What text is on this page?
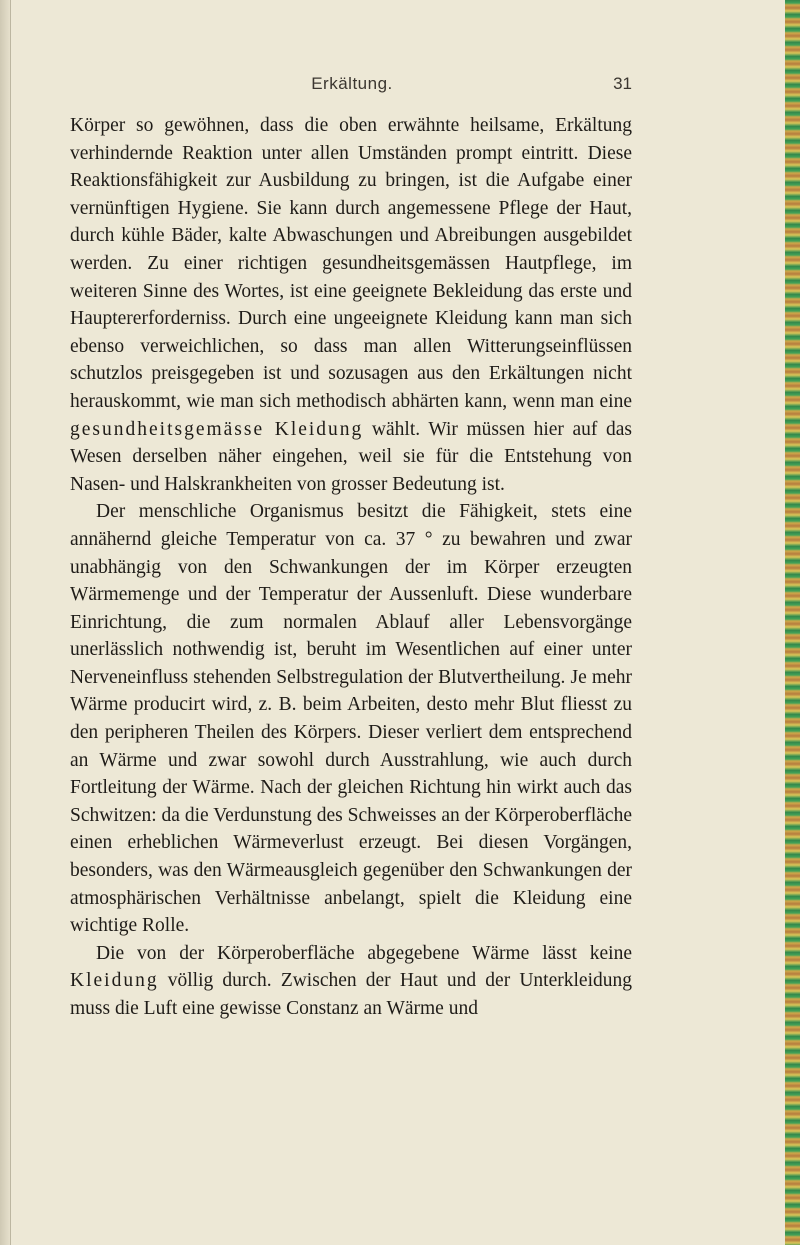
Erkältung.	31

Körper so gewöhnen, dass die oben erwähnte heilsame, Erkältung verhindernde Reaktion unter allen Umständen prompt eintritt. Diese Reaktionsfähigkeit zur Ausbildung zu bringen, ist die Aufgabe einer vernünftigen Hygiene. Sie kann durch angemessene Pflege der Haut, durch kühle Bäder, kalte Abwaschungen und Abreibungen ausgebildet werden. Zu einer richtigen gesundheitsgemässen Hautpflege, im weiteren Sinne des Wortes, ist eine geeignete Bekleidung das erste und Hauptererforderniss. Durch eine ungeeignete Kleidung kann man sich ebenso verweichlichen, so dass man allen Witterungseinflüssen schutzlos preisgegeben ist und sozusagen aus den Erkältungen nicht herauskommt, wie man sich methodisch abhärten kann, wenn man eine gesundheitsgemässe Kleidung wählt. Wir müssen hier auf das Wesen derselben näher eingehen, weil sie für die Entstehung von Nasen- und Halskrankheiten von grosser Bedeutung ist.

Der menschliche Organismus besitzt die Fähigkeit, stets eine annähernd gleiche Temperatur von ca. 37 ° zu bewahren und zwar unabhängig von den Schwankungen der im Körper erzeugten Wärmemenge und der Temperatur der Aussenluft. Diese wunderbare Einrichtung, die zum normalen Ablauf aller Lebensvorgänge unerlässlich nothwendig ist, beruht im Wesentlichen auf einer unter Nerveneinfluss stehenden Selbstregulation der Blutvertheilung. Je mehr Wärme producirt wird, z. B. beim Arbeiten, desto mehr Blut fliesst zu den peripheren Theilen des Körpers. Dieser verliert dem entsprechend an Wärme und zwar sowohl durch Ausstrahlung, wie auch durch Fortleitung der Wärme. Nach der gleichen Richtung hin wirkt auch das Schwitzen: da die Verdunstung des Schweisses an der Körperoberfläche einen erheblichen Wärmeverlust erzeugt. Bei diesen Vorgängen, besonders, was den Wärmeausgleich gegenüber den Schwankungen der atmosphärischen Verhältnisse anbelangt, spielt die Kleidung eine wichtige Rolle.

Die von der Körperoberfläche abgegebene Wärme lässt keine Kleidung völlig durch. Zwischen der Haut und der Unterkleidung muss die Luft eine gewisse Constanz an Wärme und
